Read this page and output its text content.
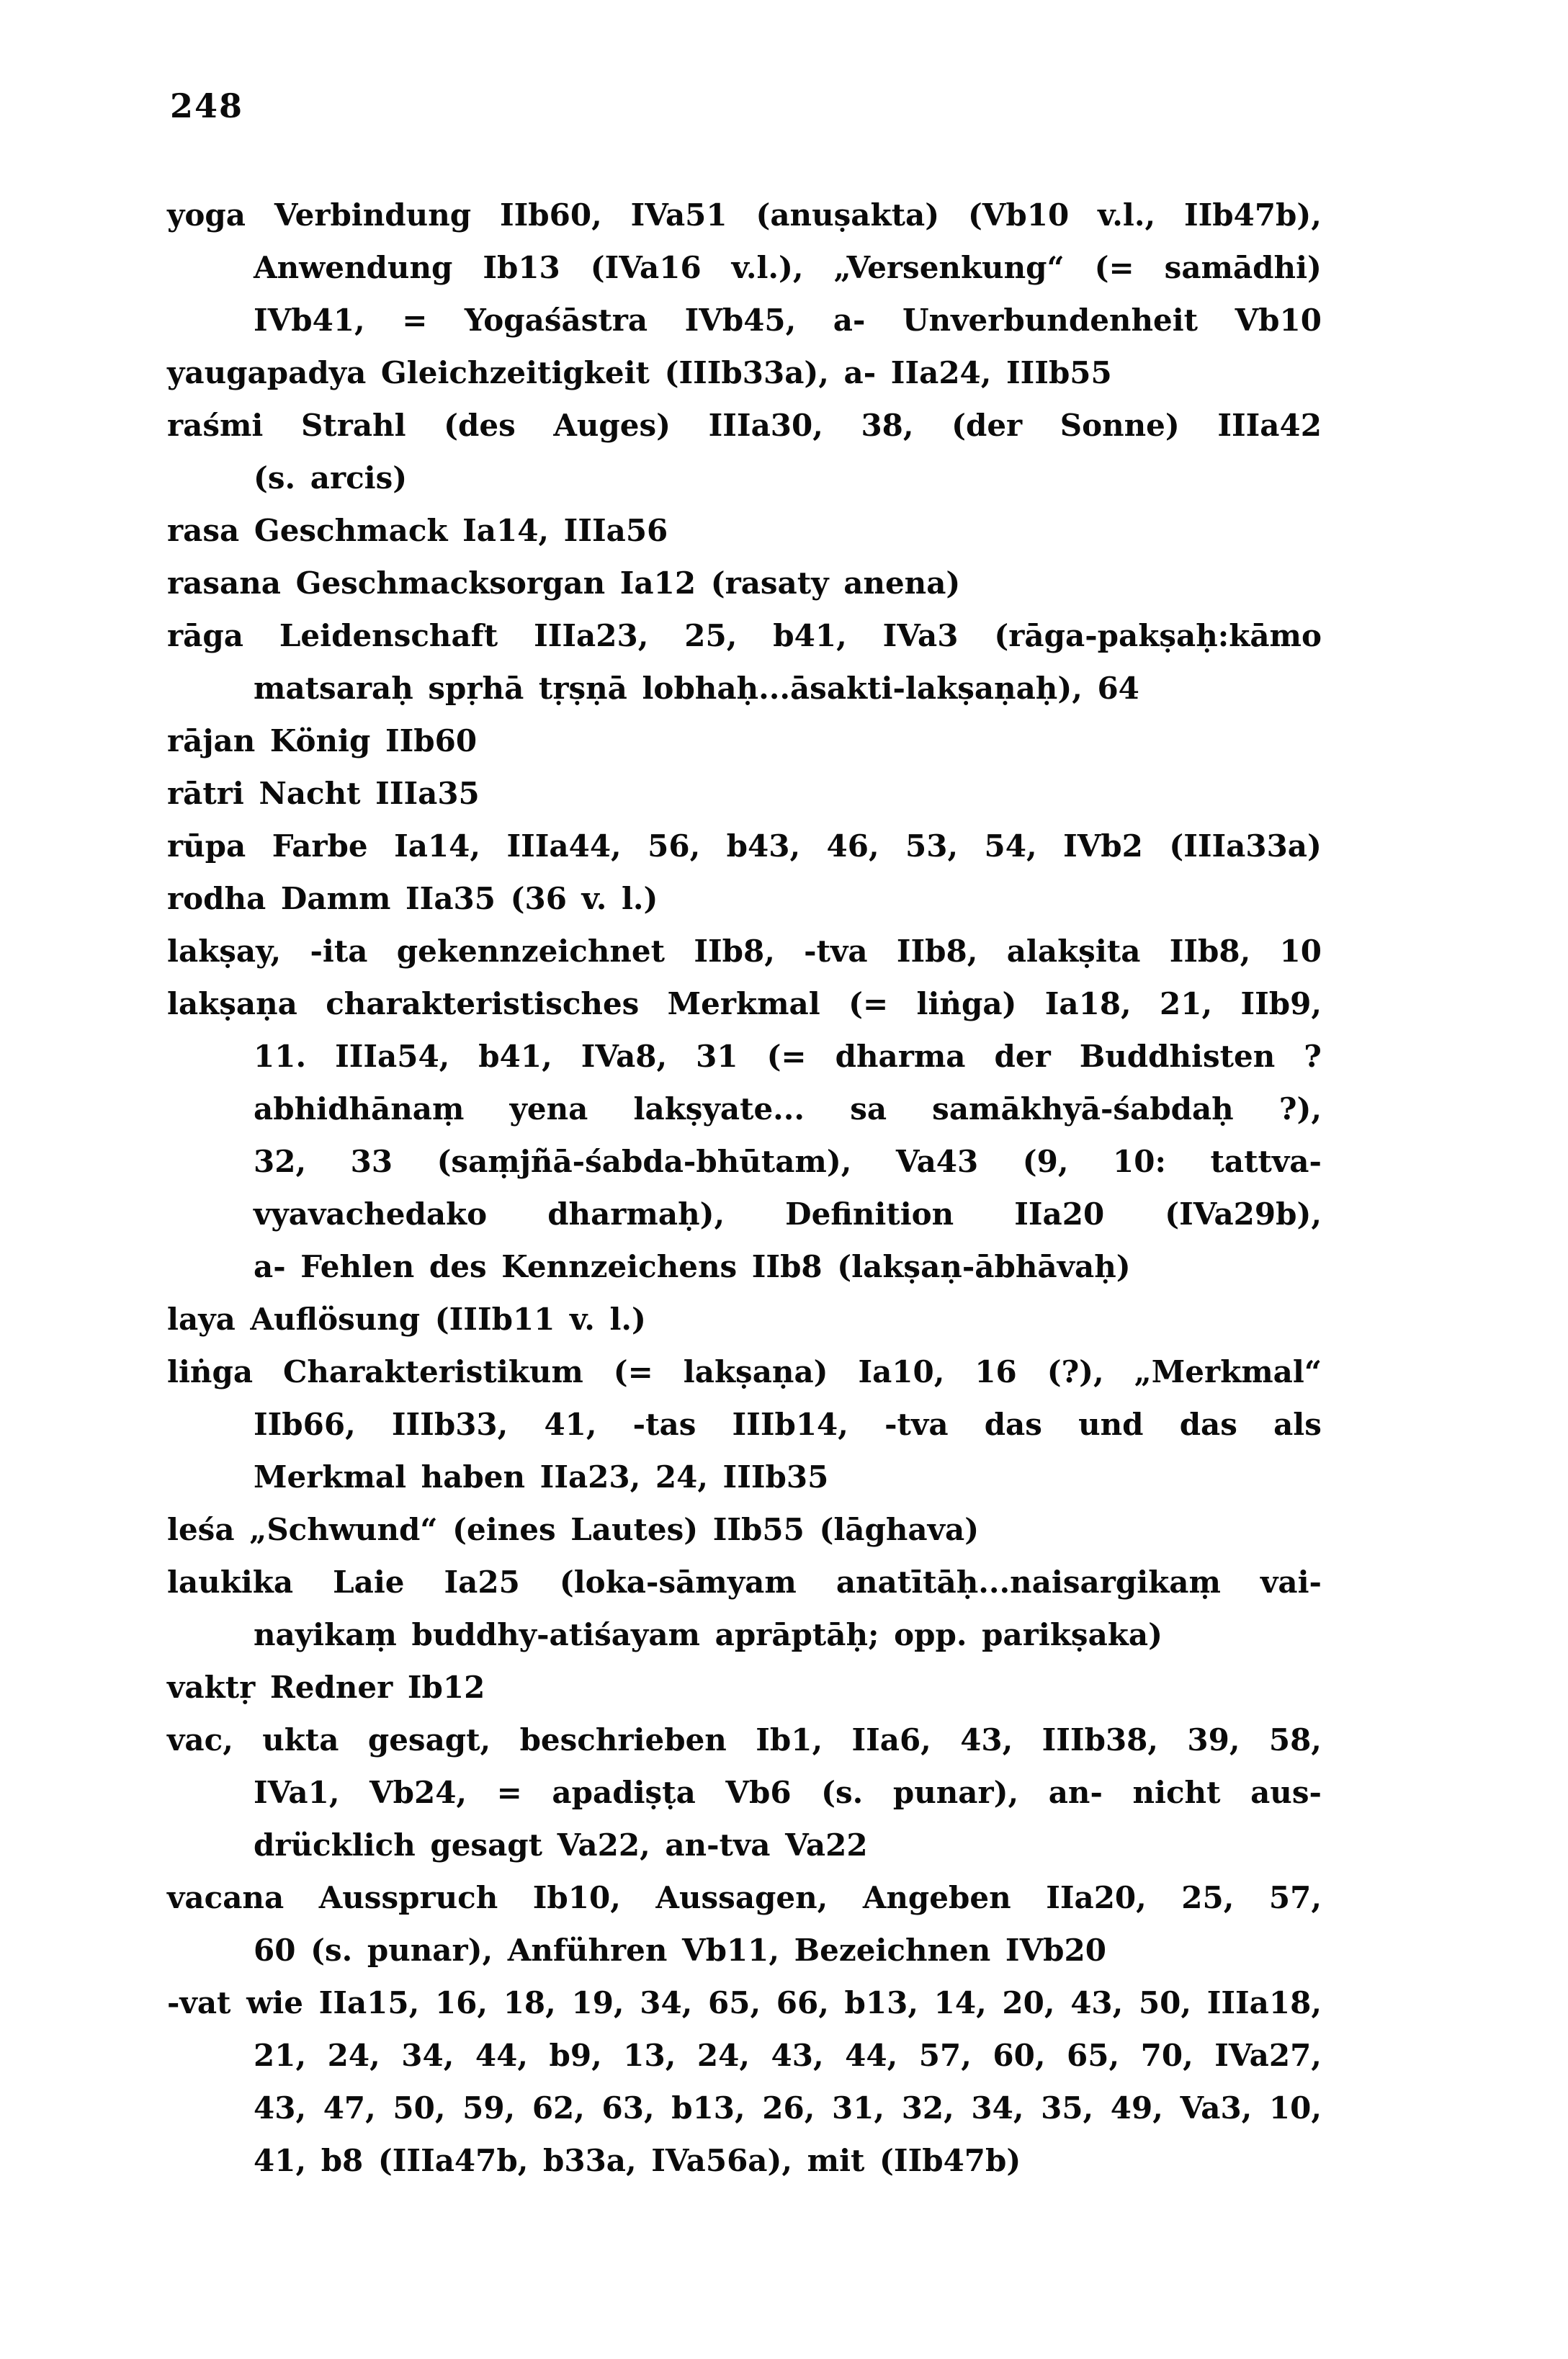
248
yoga Verbindung IIb60, IVa51 (anuṣakta) (Vb10 v.l., IIb47b),
Anwendung Ib13 (IVa16 v.l.), „Versenkung“ (= samādhi)
IVb41, = Yogaśāstra IVb45, a- Unverbundenheit Vb10
yaugapadya Gleichzeitigkeit (IIIb33a), a- IIa24, IIIb55
raśmi Strahl (des Auges) IIIa30, 38, (der Sonne) IIIa42
(s. arcis)
rasa Geschmack Ia14, IIIa56
rasana Geschmacksorgan Ia12 (rasaty anena)
rāga Leidenschaft IIIa23, 25, b41, IVa3 (rāga-pakṣaḥ:kāmo
matsaraḥ spṛhā tṛṣṇā lobhaḥ...āsakti-lakṣaṇaḥ), 64
rājan König IIb60
rātri Nacht IIIa35
rūpa Farbe Ia14, IIIa44, 56, b43, 46, 53, 54, IVb2 (IIIa33a)
rodha Damm IIa35 (36 v. l.)
lakṣay, -ita gekennzeichnet IIb8, -tva IIb8, alakṣita IIb8, 10
lakṣaṇa charakteristisches Merkmal (= liṅga) Ia18, 21, IIb9,
11. IIIa54, b41, IVa8, 31 (= dharma der Buddhisten ?
abhidhānaṃ yena lakṣyate... sa samākhyā-śabdaḥ ?),
32, 33 (saṃjñā-śabda-bhūtam), Va43 (9, 10: tattva-
vyavachedako dharmaḥ), Definition IIa20 (IVa29b),
a- Fehlen des Kennzeichens IIb8 (lakṣaṇ-ābhāvaḥ)
laya Auflösung (IIIb11 v. l.)
liṅga Charakteristikum (= lakṣaṇa) Ia10, 16 (?), „Merkmal“
IIb66, IIIb33, 41, -tas IIIb14, -tva das und das als
Merkmal haben IIa23, 24, IIIb35
leśa „Schwund“ (eines Lautes) IIb55 (lāghava)
laukika Laie Ia25 (loka-sāmyam anatītāḥ...naisargikaṃ vai-
nayikaṃ buddhy-atiśayam aprāptāḥ; opp. parikṣaka)
vaktṛ Redner Ib12
vac, ukta gesagt, beschrieben Ib1, IIa6, 43, IIIb38, 39, 58,
IVa1, Vb24, = apadiṣṭa Vb6 (s. punar), an- nicht aus-
drücklich gesagt Va22, an-tva Va22
vacana Ausspruch Ib10, Aussagen, Angeben IIa20, 25, 57,
60 (s. punar), Anführen Vb11, Bezeichnen IVb20
-vat wie IIa15, 16, 18, 19, 34, 65, 66, b13, 14, 20, 43, 50, IIIa18,
21, 24, 34, 44, b9, 13, 24, 43, 44, 57, 60, 65, 70, IVa27,
43, 47, 50, 59, 62, 63, b13, 26, 31, 32, 34, 35, 49, Va3, 10,
41, b8 (IIIa47b, b33a, IVa56a), mit (IIb47b)
